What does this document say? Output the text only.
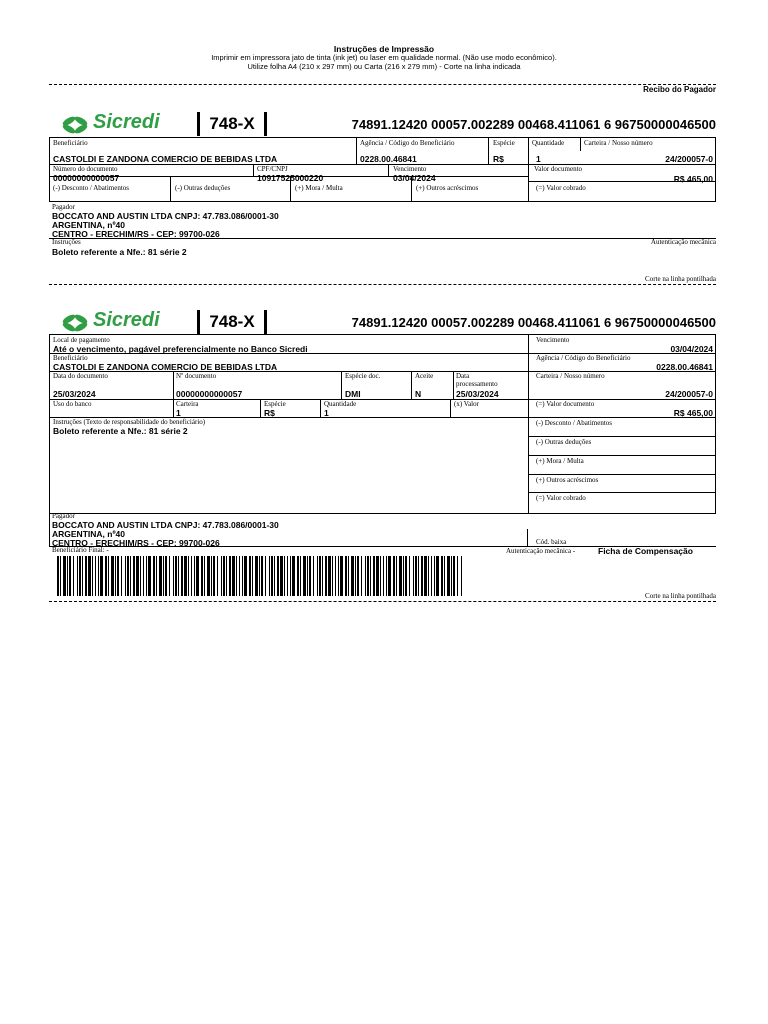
Instruções de Impressão
Imprimir em impressora jato de tinta (ink jet) ou laser em qualidade normal. (Não use modo econômico).
Utilize folha A4 (210 x 297 mm) ou Carta (216 x 279 mm) - Corte na linha indicada
Recibo do Pagador
Sicredi	748-X	74891.12420 00057.002289 00468.411061 6 96750000046500
Beneficiário
CASTOLDI E ZANDONA COMERCIO DE BEBIDAS LTDA
Agência / Código do Beneficiário
0228.00.46841
Espécie
R$
Quantidade
1
Carteira / Nosso número
24/200057-0
Número do documento
00000000000057
CPF/CNPJ
10917525000220
Vencimento
03/04/2024
Valor documento
R$ 465,00
(-) Desconto / Abatimentos	(-) Outras deduções	(+) Mora / Multa	(+) Outros acréscimos	(=) Valor cobrado
Pagador
BOCCATO AND AUSTIN LTDA CNPJ: 47.783.086/0001-30
ARGENTINA, nº40
CENTRO - ERECHIM/RS - CEP: 99700-026
Instruções	Autenticação mecânica
Boleto referente a Nfe.: 81 série 2
Corte na linha pontilhada
Sicredi	748-X	74891.12420 00057.002289 00468.411061 6 96750000046500
Local de pagamento
Até o vencimento, pagável preferencialmente no Banco Sicredi
Vencimento
03/04/2024
Beneficiário
CASTOLDI E ZANDONA COMERCIO DE BEBIDAS LTDA
Agência / Código do Beneficiário
0228.00.46841
Data do documento
25/03/2024
Nº documento
00000000000057
Espécie doc.
DMI
Aceite
N
Data
processamento
25/03/2024
Carteira / Nosso número
24/200057-0
Uso do banco	Carteira
1
Espécie
R$
Quantidade
1
(x) Valor	(=) Valor documento
R$ 465,00
Instruções (Texto de responsabilidade do beneficiário)
Boleto referente a Nfe.: 81 série 2
(-) Desconto / Abatimentos
(-) Outras deduções
(+) Mora / Multa
(+) Outros acréscimos
(=) Valor cobrado
Pagador
BOCCATO AND AUSTIN LTDA CNPJ: 47.783.086/0001-30
ARGENTINA, nº40
CENTRO - ERECHIM/RS - CEP: 99700-026	Cód. baixa
Beneficiário Final: -	Autenticação mecânica -	Ficha de Compensação
Corte na linha pontilhada
